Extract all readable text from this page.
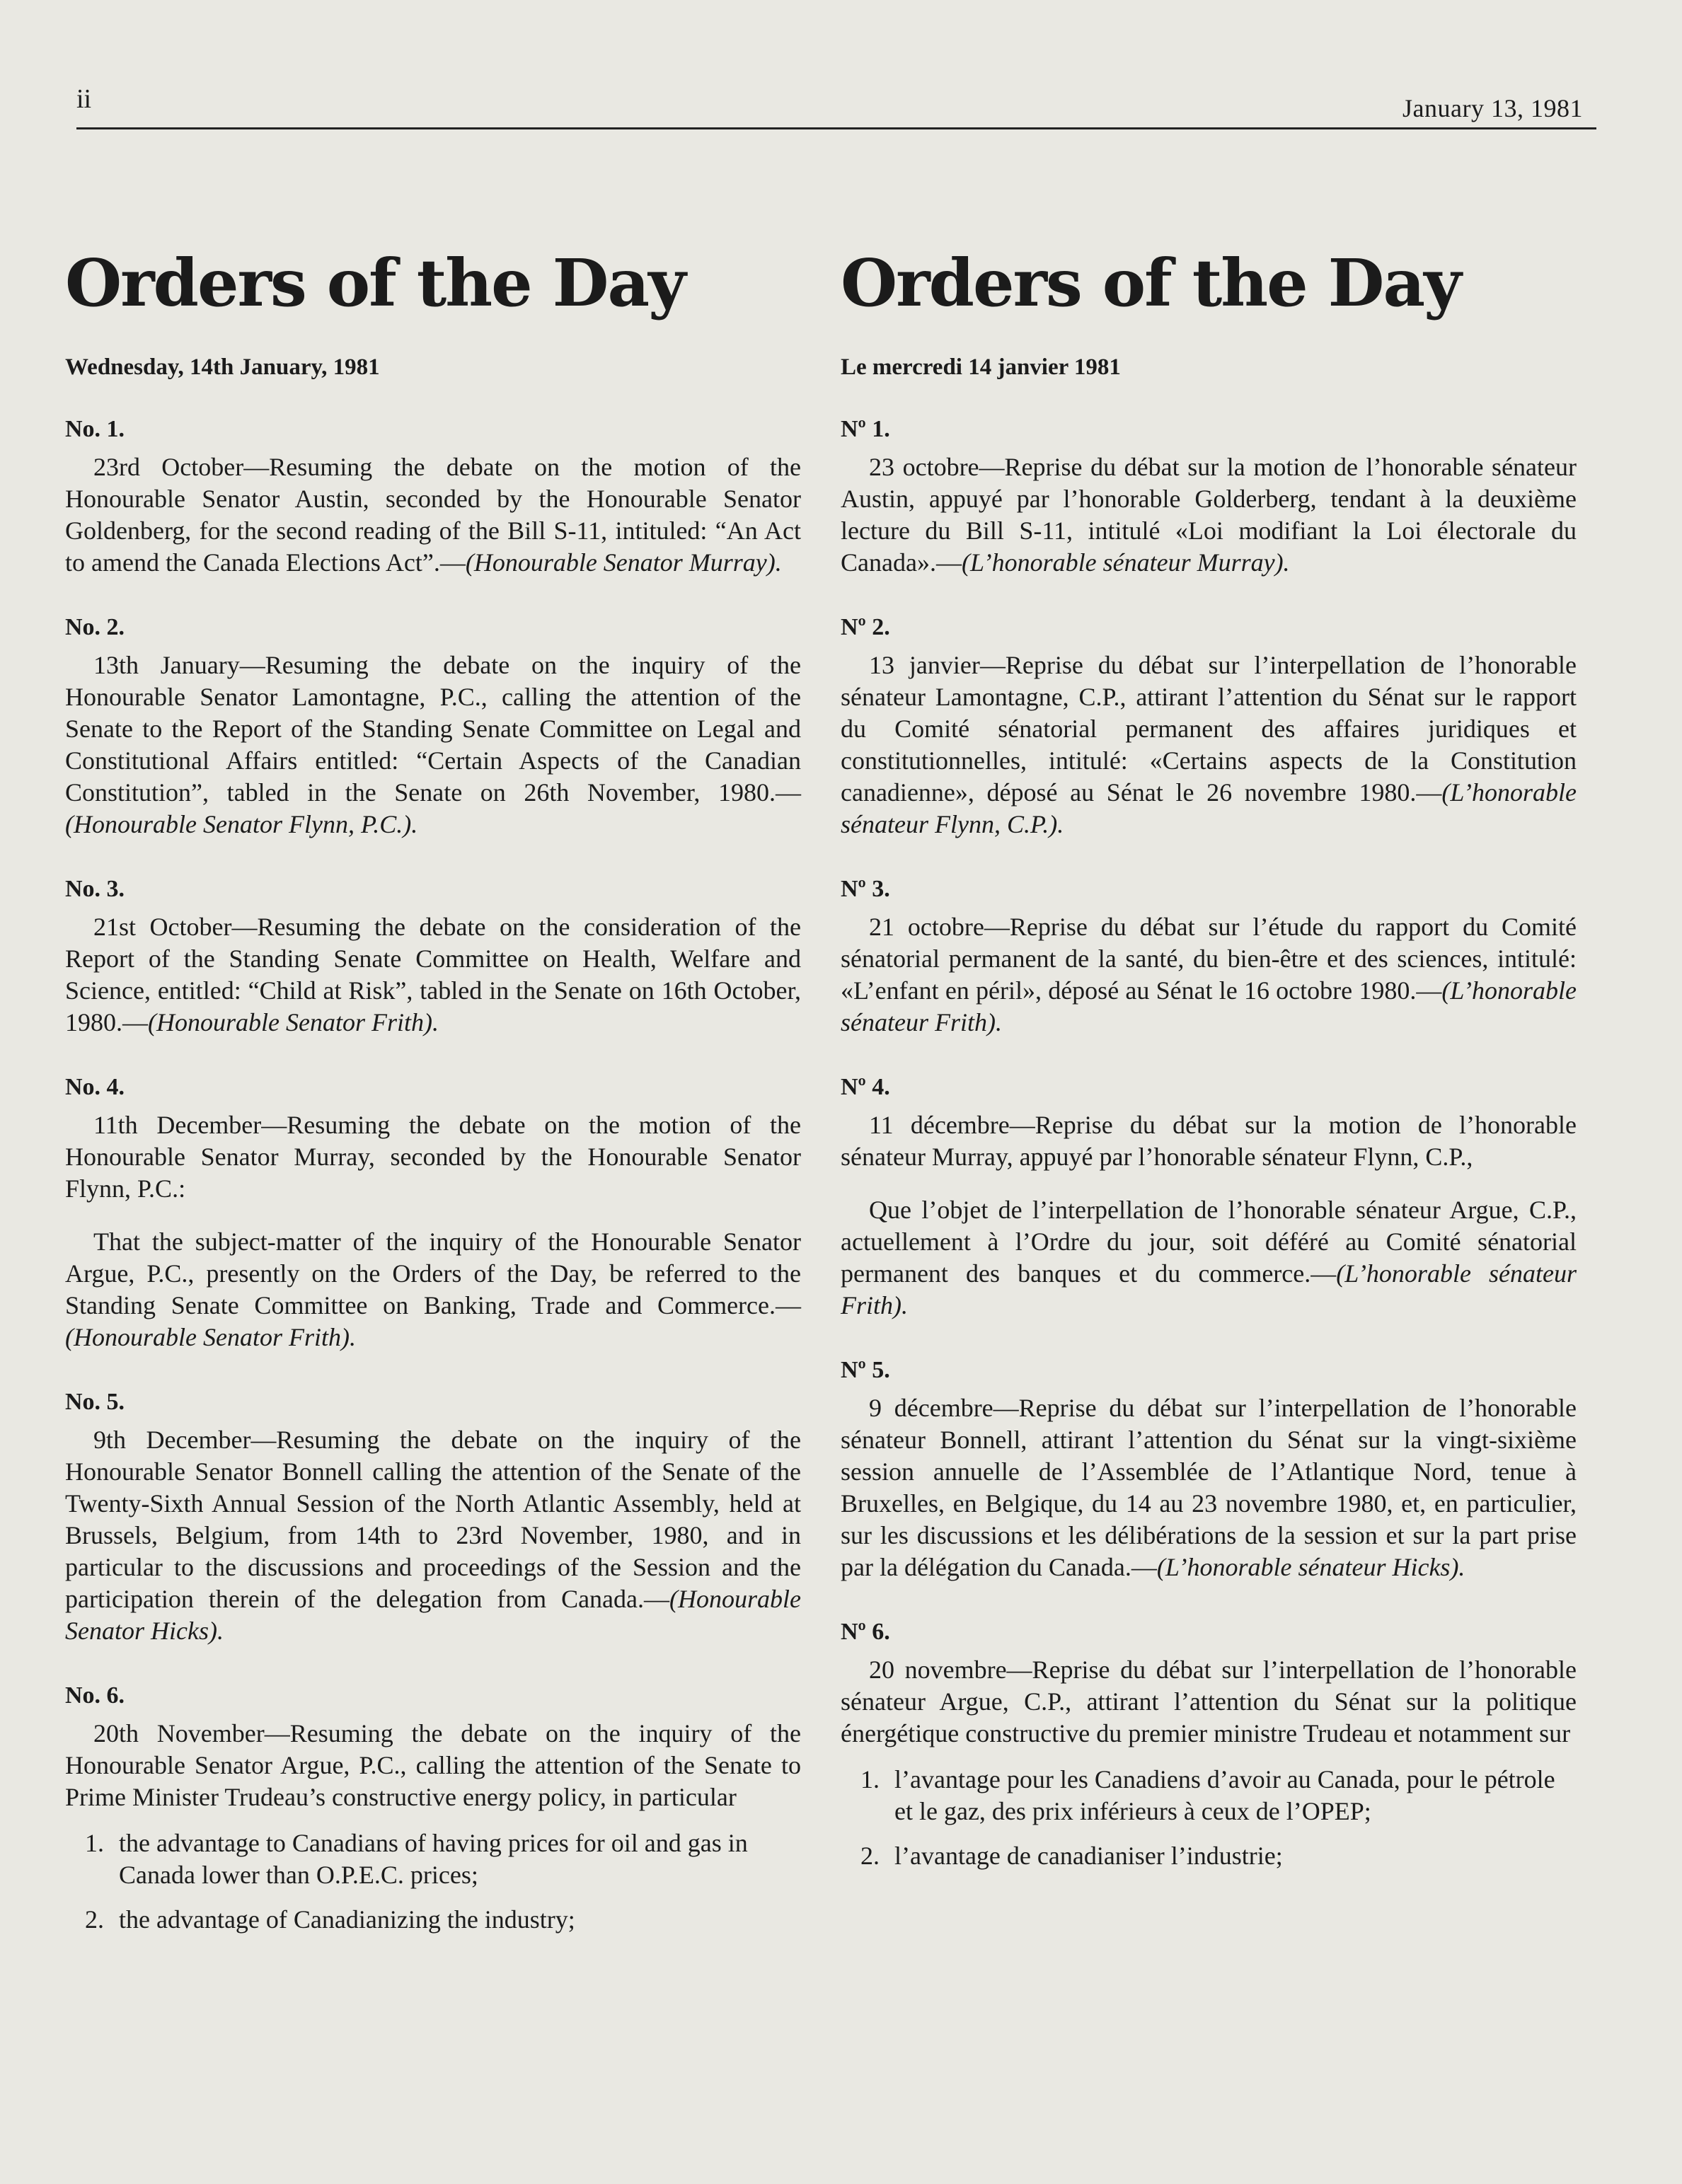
ii	January 13, 1981
Orders of the Day
Wednesday, 14th January, 1981
No. 1.

23rd October—Resuming the debate on the motion of the Honourable Senator Austin, seconded by the Honourable Senator Goldenberg, for the second reading of the Bill S-11, intituled: “An Act to amend the Canada Elections Act”.—(Honourable Senator Murray).

No. 2.

13th January—Resuming the debate on the inquiry of the Honourable Senator Lamontagne, P.C., calling the attention of the Senate to the Report of the Standing Senate Committee on Legal and Constitutional Affairs entitled: “Certain Aspects of the Canadian Constitution”, tabled in the Senate on 26th November, 1980.—(Honourable Senator Flynn, P.C.).

No. 3.

21st October—Resuming the debate on the consideration of the Report of the Standing Senate Committee on Health, Welfare and Science, entitled: “Child at Risk”, tabled in the Senate on 16th October, 1980.—(Honourable Senator Frith).

No. 4.

11th December—Resuming the debate on the motion of the Honourable Senator Murray, seconded by the Honourable Senator Flynn, P.C.:

That the subject-matter of the inquiry of the Honourable Senator Argue, P.C., presently on the Orders of the Day, be referred to the Standing Senate Committee on Banking, Trade and Commerce.—(Honourable Senator Frith).

No. 5.

9th December—Resuming the debate on the inquiry of the Honourable Senator Bonnell calling the attention of the Senate of the Twenty-Sixth Annual Session of the North Atlantic Assembly, held at Brussels, Belgium, from 14th to 23rd November, 1980, and in particular to the discussions and proceedings of the Session and the participation therein of the delegation from Canada.—(Honourable Senator Hicks).

No. 6.

20th November—Resuming the debate on the inquiry of the Honourable Senator Argue, P.C., calling the attention of the Senate to Prime Minister Trudeau’s constructive energy policy, in particular

1. the advantage to Canadians of having prices for oil and gas in Canada lower than O.P.E.C. prices;
2. the advantage of Canadianizing the industry;
Orders of the Day
Le mercredi 14 janvier 1981
Nº 1.

23 octobre—Reprise du débat sur la motion de l’honorable sénateur Austin, appuyé par l’honorable Golderberg, tendant à la deuxième lecture du Bill S-11, intitulé «Loi modifiant la Loi électorale du Canada».—(L’honorable sénateur Murray).

Nº 2.

13 janvier—Reprise du débat sur l’interpellation de l’honorable sénateur Lamontagne, C.P., attirant l’attention du Sénat sur le rapport du Comité sénatorial permanent des affaires juridiques et constitutionnelles, intitulé: «Certains aspects de la Constitution canadienne», déposé au Sénat le 26 novembre 1980.—(L’honorable sénateur Flynn, C.P.).

Nº 3.

21 octobre—Reprise du débat sur l’étude du rapport du Comité sénatorial permanent de la santé, du bien-être et des sciences, intitulé: «L’enfant en péril», déposé au Sénat le 16 octobre 1980.—(L’honorable sénateur Frith).

Nº 4.

11 décembre—Reprise du débat sur la motion de l’honorable sénateur Murray, appuyé par l’honorable sénateur Flynn, C.P.,

Que l’objet de l’interpellation de l’honorable sénateur Argue, C.P., actuellement à l’Ordre du jour, soit déféré au Comité sénatorial permanent des banques et du commerce.—(L’honorable sénateur Frith).

Nº 5.

9 décembre—Reprise du débat sur l’interpellation de l’honorable sénateur Bonnell, attirant l’attention du Sénat sur la vingt-sixième session annuelle de l’Assemblée de l’Atlantique Nord, tenue à Bruxelles, en Belgique, du 14 au 23 novembre 1980, et, en particulier, sur les discussions et les délibérations de la session et sur la part prise par la délégation du Canada.—(L’honorable sénateur Hicks).

Nº 6.

20 novembre—Reprise du débat sur l’interpellation de l’honorable sénateur Argue, C.P., attirant l’attention du Sénat sur la politique énergétique constructive du premier ministre Trudeau et notamment sur

1. l’avantage pour les Canadiens d’avoir au Canada, pour le pétrole et le gaz, des prix inférieurs à ceux de l’OPEP;
2. l’avantage de canadianiser l’industrie;
